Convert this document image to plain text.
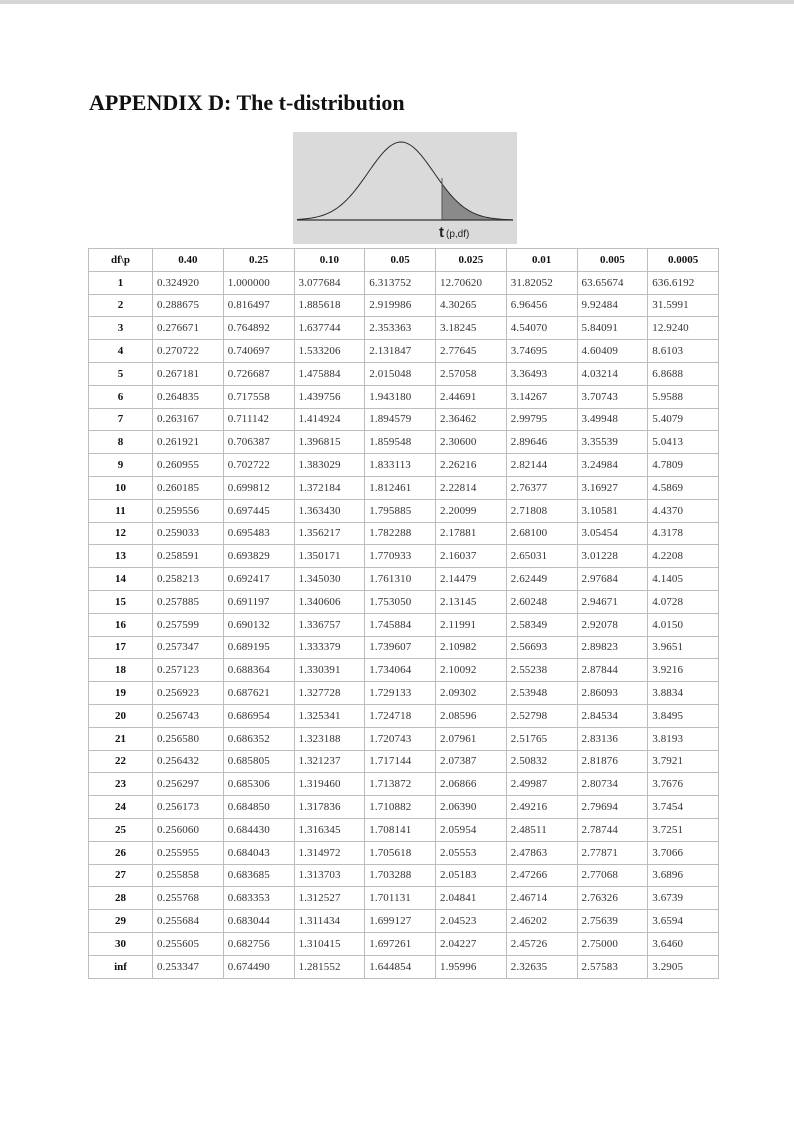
APPENDIX D: The t-distribution
t (p,df)
df\p	0.40	0.25	0.10	0.05	0.025	0.01	0.005	0.0005
1	0.324920	1.000000	3.077684	6.313752	12.70620	31.82052	63.65674	636.6192
2	0.288675	0.816497	1.885618	2.919986	4.30265	6.96456	9.92484	31.5991
3	0.276671	0.764892	1.637744	2.353363	3.18245	4.54070	5.84091	12.9240
4	0.270722	0.740697	1.533206	2.131847	2.77645	3.74695	4.60409	8.6103
5	0.267181	0.726687	1.475884	2.015048	2.57058	3.36493	4.03214	6.8688
6	0.264835	0.717558	1.439756	1.943180	2.44691	3.14267	3.70743	5.9588
7	0.263167	0.711142	1.414924	1.894579	2.36462	2.99795	3.49948	5.4079
8	0.261921	0.706387	1.396815	1.859548	2.30600	2.89646	3.35539	5.0413
9	0.260955	0.702722	1.383029	1.833113	2.26216	2.82144	3.24984	4.7809
10	0.260185	0.699812	1.372184	1.812461	2.22814	2.76377	3.16927	4.5869
11	0.259556	0.697445	1.363430	1.795885	2.20099	2.71808	3.10581	4.4370
12	0.259033	0.695483	1.356217	1.782288	2.17881	2.68100	3.05454	4.3178
13	0.258591	0.693829	1.350171	1.770933	2.16037	2.65031	3.01228	4.2208
14	0.258213	0.692417	1.345030	1.761310	2.14479	2.62449	2.97684	4.1405
15	0.257885	0.691197	1.340606	1.753050	2.13145	2.60248	2.94671	4.0728
16	0.257599	0.690132	1.336757	1.745884	2.11991	2.58349	2.92078	4.0150
17	0.257347	0.689195	1.333379	1.739607	2.10982	2.56693	2.89823	3.9651
18	0.257123	0.688364	1.330391	1.734064	2.10092	2.55238	2.87844	3.9216
19	0.256923	0.687621	1.327728	1.729133	2.09302	2.53948	2.86093	3.8834
20	0.256743	0.686954	1.325341	1.724718	2.08596	2.52798	2.84534	3.8495
21	0.256580	0.686352	1.323188	1.720743	2.07961	2.51765	2.83136	3.8193
22	0.256432	0.685805	1.321237	1.717144	2.07387	2.50832	2.81876	3.7921
23	0.256297	0.685306	1.319460	1.713872	2.06866	2.49987	2.80734	3.7676
24	0.256173	0.684850	1.317836	1.710882	2.06390	2.49216	2.79694	3.7454
25	0.256060	0.684430	1.316345	1.708141	2.05954	2.48511	2.78744	3.7251
26	0.255955	0.684043	1.314972	1.705618	2.05553	2.47863	2.77871	3.7066
27	0.255858	0.683685	1.313703	1.703288	2.05183	2.47266	2.77068	3.6896
28	0.255768	0.683353	1.312527	1.701131	2.04841	2.46714	2.76326	3.6739
29	0.255684	0.683044	1.311434	1.699127	2.04523	2.46202	2.75639	3.6594
30	0.255605	0.682756	1.310415	1.697261	2.04227	2.45726	2.75000	3.6460
inf	0.253347	0.674490	1.281552	1.644854	1.95996	2.32635	2.57583	3.2905
